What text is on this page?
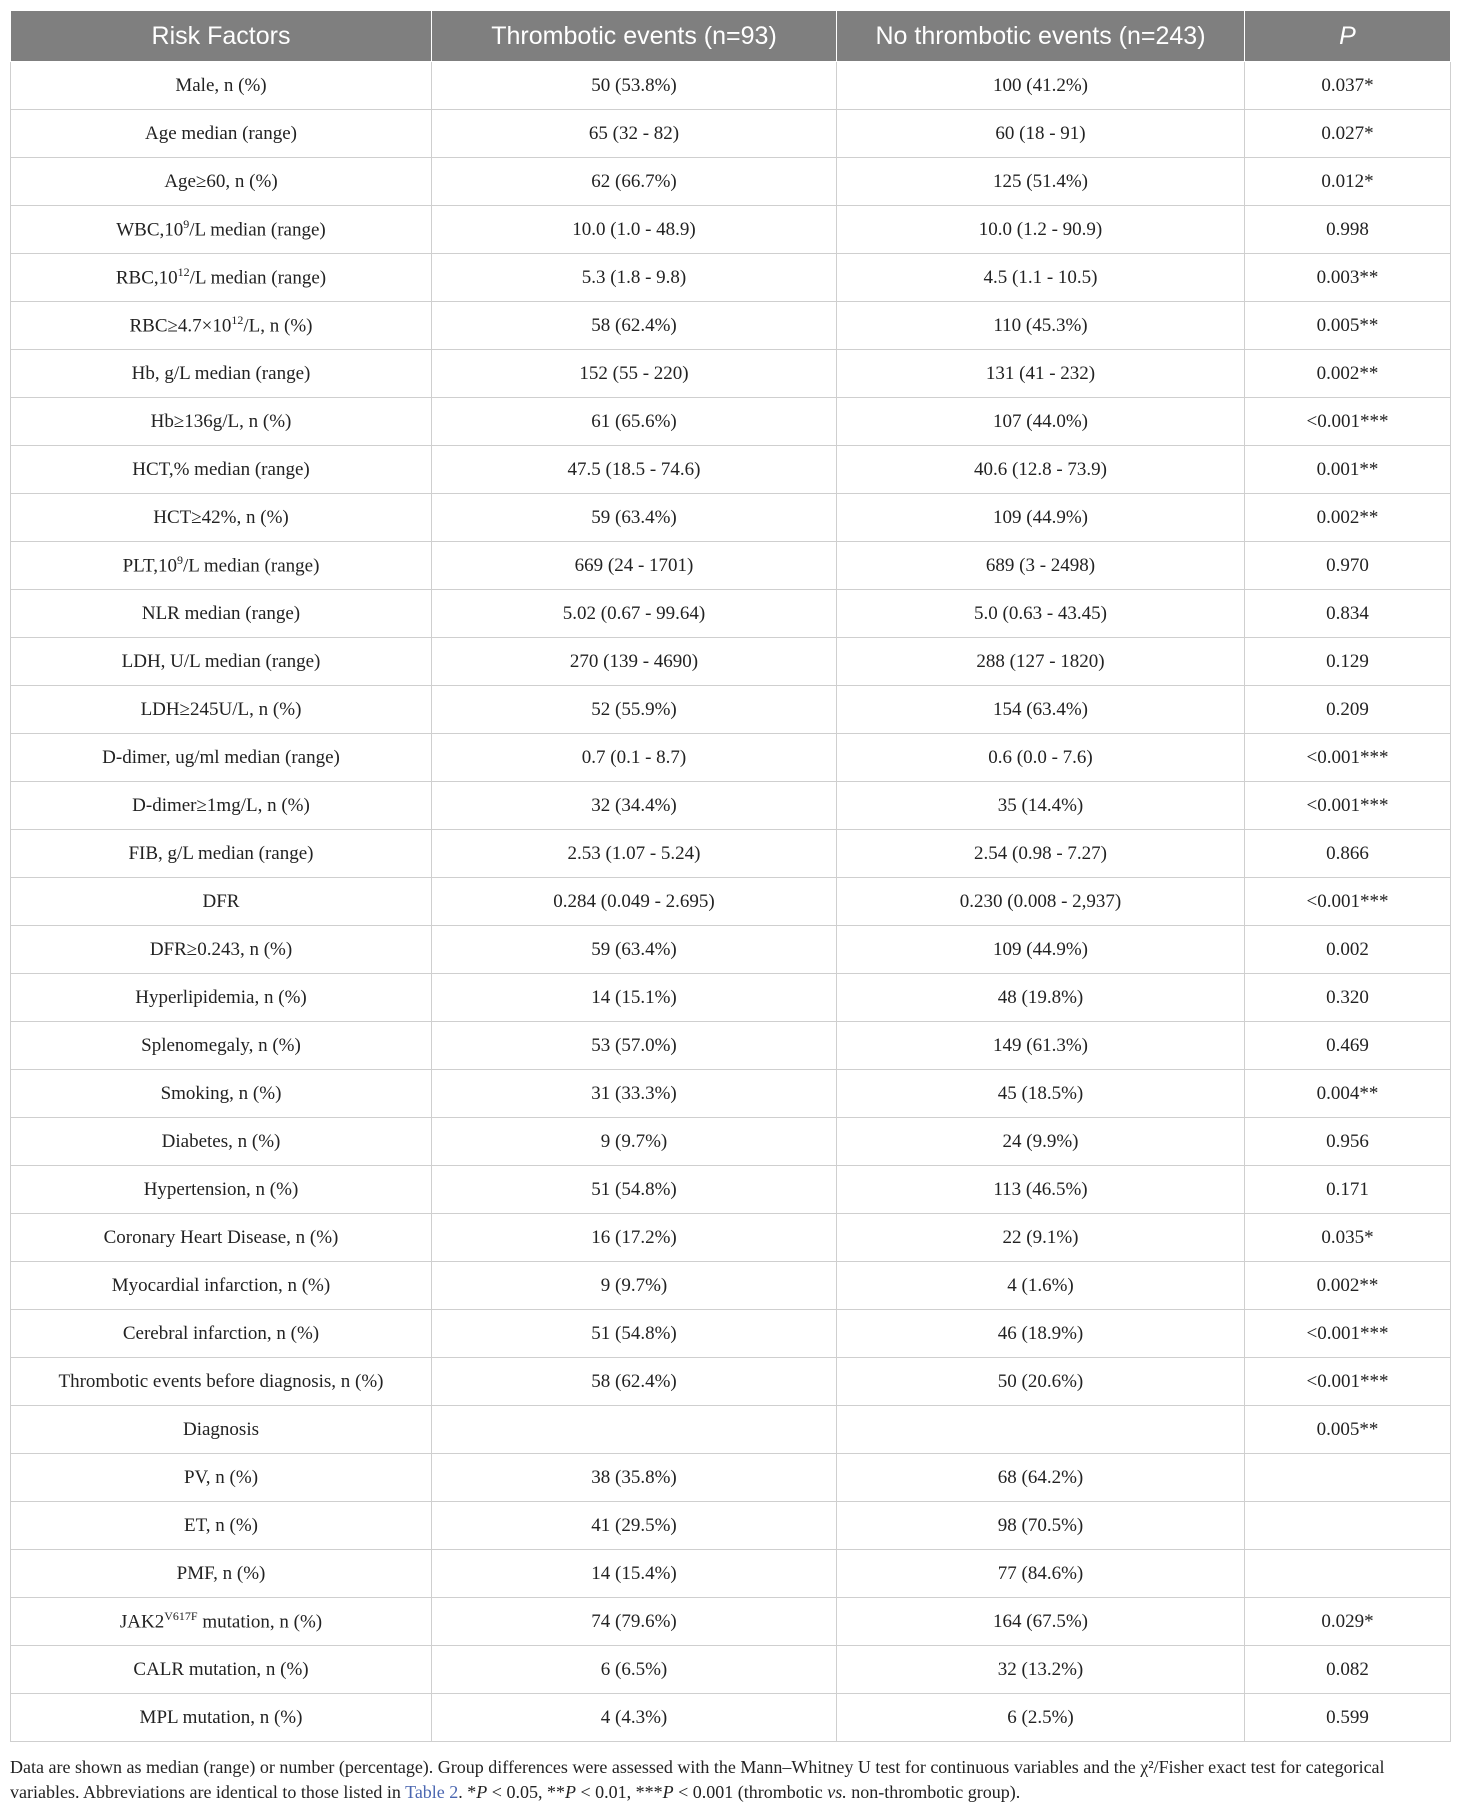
Risk Factors	Thrombotic events (n=93)	No thrombotic events (n=243)	P
Male, n (%)	50 (53.8%)	100 (41.2%)	0.037*
Age median (range)	65 (32 - 82)	60 (18 - 91)	0.027*
Age≥60, n (%)	62 (66.7%)	125 (51.4%)	0.012*
$WBC,10^9/L$ median (range)	10.0 (1.0 - 48.9)	10.0 (1.2 - 90.9)	0.998
$RBC,10^{12}/L$ median (range)	5.3 (1.8 - 9.8)	4.5 (1.1 - 10.5)	0.003**
$RBC\ge 4.7\times 10^{12}/L$, n (%)	58 (62.4%)	110 (45.3%)	0.005**
Hb, g/L median (range)	152 (55 - 220)	131 (41 - 232)	0.002**
Hb≥136g/L, n (%)	61 (65.6%)	107 (44.0%)	<0.001***
HCT,% median (range)	47.5 (18.5 - 74.6)	40.6 (12.8 - 73.9)	0.001**
HCT≥42%, n (%)	59 (63.4%)	109 (44.9%)	0.002**
$PLT,10^9/L$ median (range)	669 (24 - 1701)	689 (3 - 2498)	0.970
NLR median (range)	5.02 (0.67 - 99.64)	5.0 (0.63 - 43.45)	0.834
LDH, U/L median (range)	270 (139 - 4690)	288 (127 - 1820)	0.129
LDH≥245U/L, n (%)	52 (55.9%)	154 (63.4%)	0.209
D-dimer, ug/ml median (range)	0.7 (0.1 - 8.7)	0.6 (0.0 - 7.6)	<0.001***
D-dimer≥1mg/L, n (%)	32 (34.4%)	35 (14.4%)	<0.001***
FIB, g/L median (range)	2.53 (1.07 - 5.24)	2.54 (0.98 - 7.27)	0.866
DFR	0.284 (0.049 - 2.695)	0.230 (0.008 - 2,937)	<0.001***
DFR≥0.243, n (%)	59 (63.4%)	109 (44.9%)	0.002
Hyperlipidemia, n (%)	14 (15.1%)	48 (19.8%)	0.320
Splenomegaly, n (%)	53 (57.0%)	149 (61.3%)	0.469
Smoking, n (%)	31 (33.3%)	45 (18.5%)	0.004**
Diabetes, n (%)	9 (9.7%)	24 (9.9%)	0.956
Hypertension, n (%)	51 (54.8%)	113 (46.5%)	0.171
Coronary Heart Disease, n (%)	16 (17.2%)	22 (9.1%)	0.035*
Myocardial infarction, n (%)	9 (9.7%)	4 (1.6%)	0.002**
Cerebral infarction, n (%)	51 (54.8%)	46 (18.9%)	<0.001***
Thrombotic events before diagnosis, n (%)	58 (62.4%)	50 (20.6%)	<0.001***
Diagnosis			0.005**
PV, n (%)	38 (35.8%)	68 (64.2%)	
ET, n (%)	41 (29.5%)	98 (70.5%)	
PMF, n (%)	14 (15.4%)	77 (84.6%)	
$JAK2^{V617F}$ mutation, n (%)	74 (79.6%)	164 (67.5%)	0.029*
CALR mutation, n (%)	6 (6.5%)	32 (13.2%)	0.082
MPL mutation, n (%)	4 (4.3%)	6 (2.5%)	0.599
Data are shown as median (range) or number (percentage). Group differences were assessed with the Mann–Whitney U test for continuous variables and the χ²/Fisher exact test for categorical variables. Abbreviations are identical to those listed in Table 2. *P < 0.05, **P < 0.01, ***P < 0.001 (thrombotic vs. non-thrombotic group).
